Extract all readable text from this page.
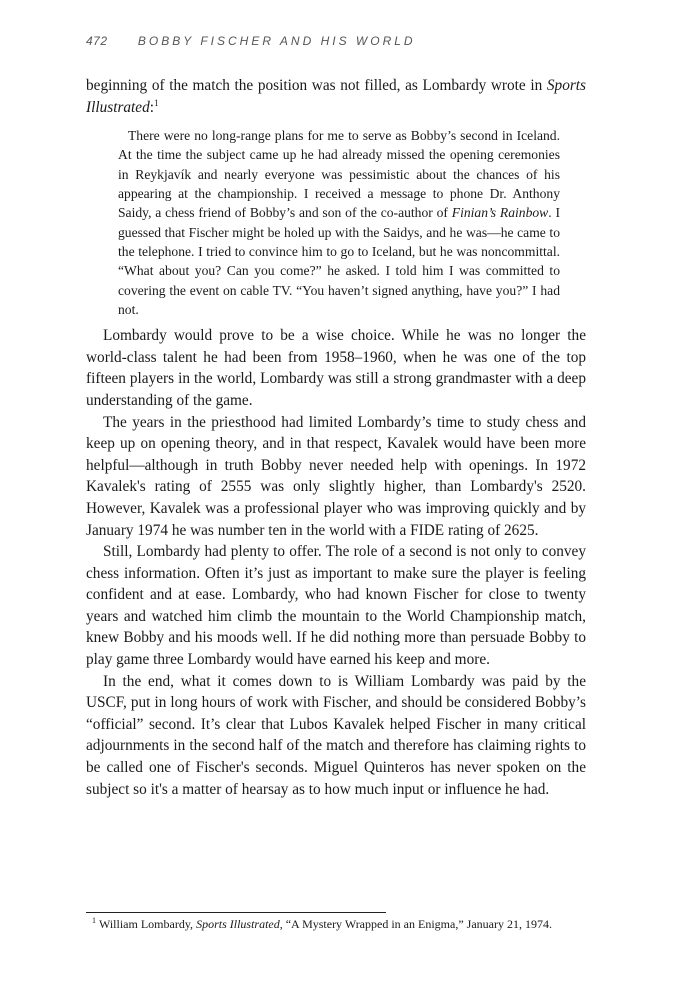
472	BOBBY FISCHER AND HIS WORLD

beginning of the match the position was not filled, as Lombardy wrote in Sports Illustrated:$^1$

There were no long-range plans for me to serve as Bobby’s second in Iceland. At the time the subject came up he had already missed the opening ceremonies in Reykjavík and nearly everyone was pessimistic about the chances of his appearing at the championship. I received a message to phone Dr. Anthony Saidy, a chess friend of Bobby’s and son of the co-author of Finian’s Rainbow. I guessed that Fischer might be holed up with the Saidys, and he was—he came to the telephone. I tried to convince him to go to Iceland, but he was noncommittal. “What about you? Can you come?” he asked. I told him I was committed to covering the event on cable TV. “You haven’t signed anything, have you?” I had not.

Lombardy would prove to be a wise choice. While he was no longer the world-class talent he had been from 1958–1960, when he was one of the top fifteen players in the world, Lombardy was still a strong grandmaster with a deep understanding of the game.

The years in the priesthood had limited Lombardy’s time to study chess and keep up on opening theory, and in that respect, Kavalek would have been more helpful—although in truth Bobby never needed help with openings. In 1972 Kavalek's rating of 2555 was only slightly higher, than Lombardy's 2520. However, Kavalek was a professional player who was improving quickly and by January 1974 he was number ten in the world with a FIDE rating of 2625.

Still, Lombardy had plenty to offer. The role of a second is not only to convey chess information. Often it’s just as important to make sure the player is feeling confident and at ease. Lombardy, who had known Fischer for close to twenty years and watched him climb the mountain to the World Championship match, knew Bobby and his moods well. If he did nothing more than persuade Bobby to play game three Lombardy would have earned his keep and more.

In the end, what it comes down to is William Lombardy was paid by the USCF, put in long hours of work with Fischer, and should be considered Bobby’s “official” second. It’s clear that Lubos Kavalek helped Fischer in many critical adjournments in the second half of the match and therefore has claiming rights to be called one of Fischer's seconds. Miguel Quinteros has never spoken on the subject so it's a matter of hearsay as to how much input or influence he had.

$^1$ William Lombardy, Sports Illustrated, “A Mystery Wrapped in an Enigma,” January 21, 1974.
